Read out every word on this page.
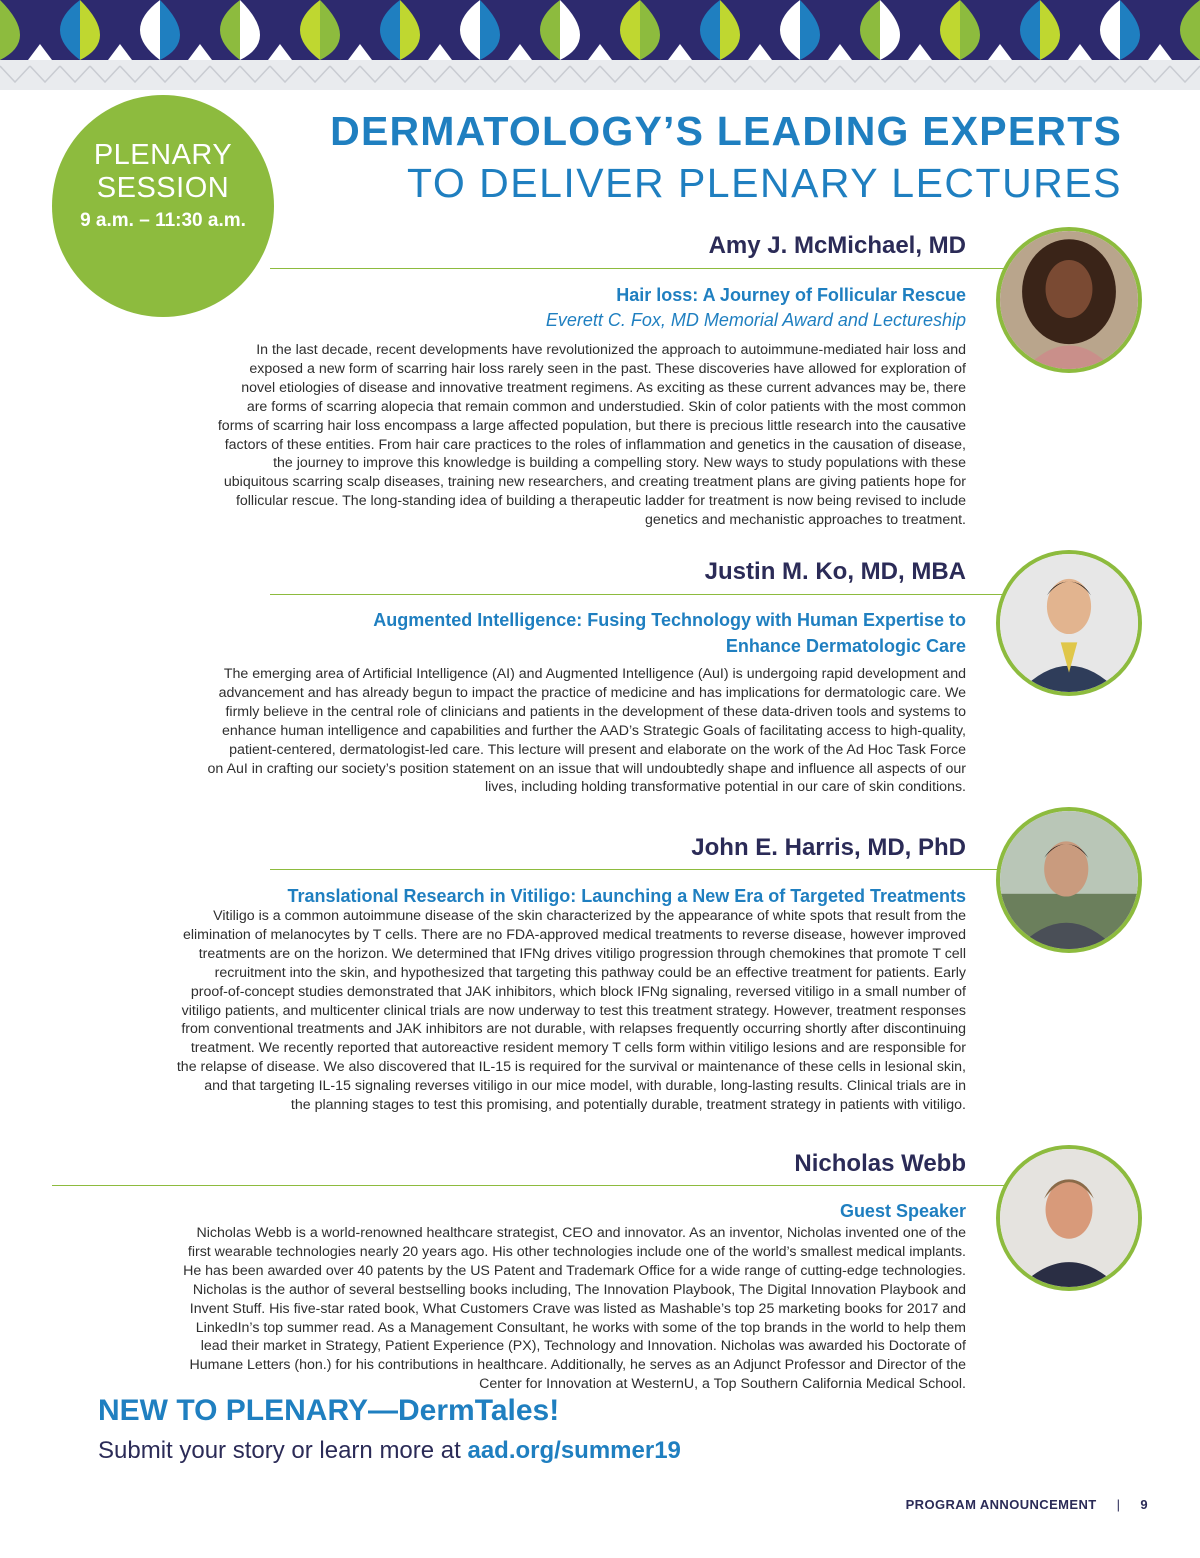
PLENARY
SESSION
9 a.m. – 11:30 a.m.
DERMATOLOGY’S LEADING EXPERTS
TO DELIVER PLENARY LECTURES
Amy J. McMichael, MD
Hair loss: A Journey of Follicular Rescue
Everett C. Fox, MD Memorial Award and Lectureship
In the last decade, recent developments have revolutionized the approach to autoimmune-mediated hair loss and
exposed a new form of scarring hair loss rarely seen in the past. These discoveries have allowed for exploration of
novel etiologies of disease and innovative treatment regimens. As exciting as these current advances may be, there
are forms of scarring alopecia that remain common and understudied. Skin of color patients with the most common
forms of scarring hair loss encompass a large affected population, but there is precious little research into the causative
factors of these entities. From hair care practices to the roles of inflammation and genetics in the causation of disease,
the journey to improve this knowledge is building a compelling story. New ways to study populations with these
ubiquitous scarring scalp diseases, training new researchers, and creating treatment plans are giving patients hope for
follicular rescue. The long-standing idea of building a therapeutic ladder for treatment is now being revised to include
genetics and mechanistic approaches to treatment.
Justin M. Ko, MD, MBA
Augmented Intelligence: Fusing Technology with Human Expertise to
Enhance Dermatologic Care
The emerging area of Artificial Intelligence (AI) and Augmented Intelligence (AuI) is undergoing rapid development and
advancement and has already begun to impact the practice of medicine and has implications for dermatologic care. We
firmly believe in the central role of clinicians and patients in the development of these data-driven tools and systems to
enhance human intelligence and capabilities and further the AAD’s Strategic Goals of facilitating access to high-quality,
patient-centered, dermatologist-led care. This lecture will present and elaborate on the work of the Ad Hoc Task Force
on AuI in crafting our society’s position statement on an issue that will undoubtedly shape and influence all aspects of our
lives, including holding transformative potential in our care of skin conditions.
John E. Harris, MD, PhD
Translational Research in Vitiligo: Launching a New Era of Targeted Treatments
Vitiligo is a common autoimmune disease of the skin characterized by the appearance of white spots that result from the
elimination of melanocytes by T cells. There are no FDA-approved medical treatments to reverse disease, however improved
treatments are on the horizon. We determined that IFNg drives vitiligo progression through chemokines that promote T cell
recruitment into the skin, and hypothesized that targeting this pathway could be an effective treatment for patients. Early
proof-of-concept studies demonstrated that JAK inhibitors, which block IFNg signaling, reversed vitiligo in a small number of
vitiligo patients, and multicenter clinical trials are now underway to test this treatment strategy. However, treatment responses
from conventional treatments and JAK inhibitors are not durable, with relapses frequently occurring shortly after discontinuing
treatment. We recently reported that autoreactive resident memory T cells form within vitiligo lesions and are responsible for
the relapse of disease. We also discovered that IL-15 is required for the survival or maintenance of these cells in lesional skin,
and that targeting IL-15 signaling reverses vitiligo in our mice model, with durable, long-lasting results. Clinical trials are in
the planning stages to test this promising, and potentially durable, treatment strategy in patients with vitiligo.
Nicholas Webb
Guest Speaker
Nicholas Webb is a world-renowned healthcare strategist, CEO and innovator. As an inventor, Nicholas invented one of the
first wearable technologies nearly 20 years ago. His other technologies include one of the world’s smallest medical implants.
He has been awarded over 40 patents by the US Patent and Trademark Office for a wide range of cutting-edge technologies.
Nicholas is the author of several bestselling books including, The Innovation Playbook, The Digital Innovation Playbook and
Invent Stuff. His five-star rated book, What Customers Crave was listed as Mashable’s top 25 marketing books for 2017 and
LinkedIn’s top summer read. As a Management Consultant, he works with some of the top brands in the world to help them
lead their market in Strategy, Patient Experience (PX), Technology and Innovation. Nicholas was awarded his Doctorate of
Humane Letters (hon.) for his contributions in healthcare. Additionally, he serves as an Adjunct Professor and Director of the
Center for Innovation at WesternU, a Top Southern California Medical School.
NEW TO PLENARY—DermTales!
Submit your story or learn more at aad.org/summer19
PROGRAM ANNOUNCEMENT | 9
